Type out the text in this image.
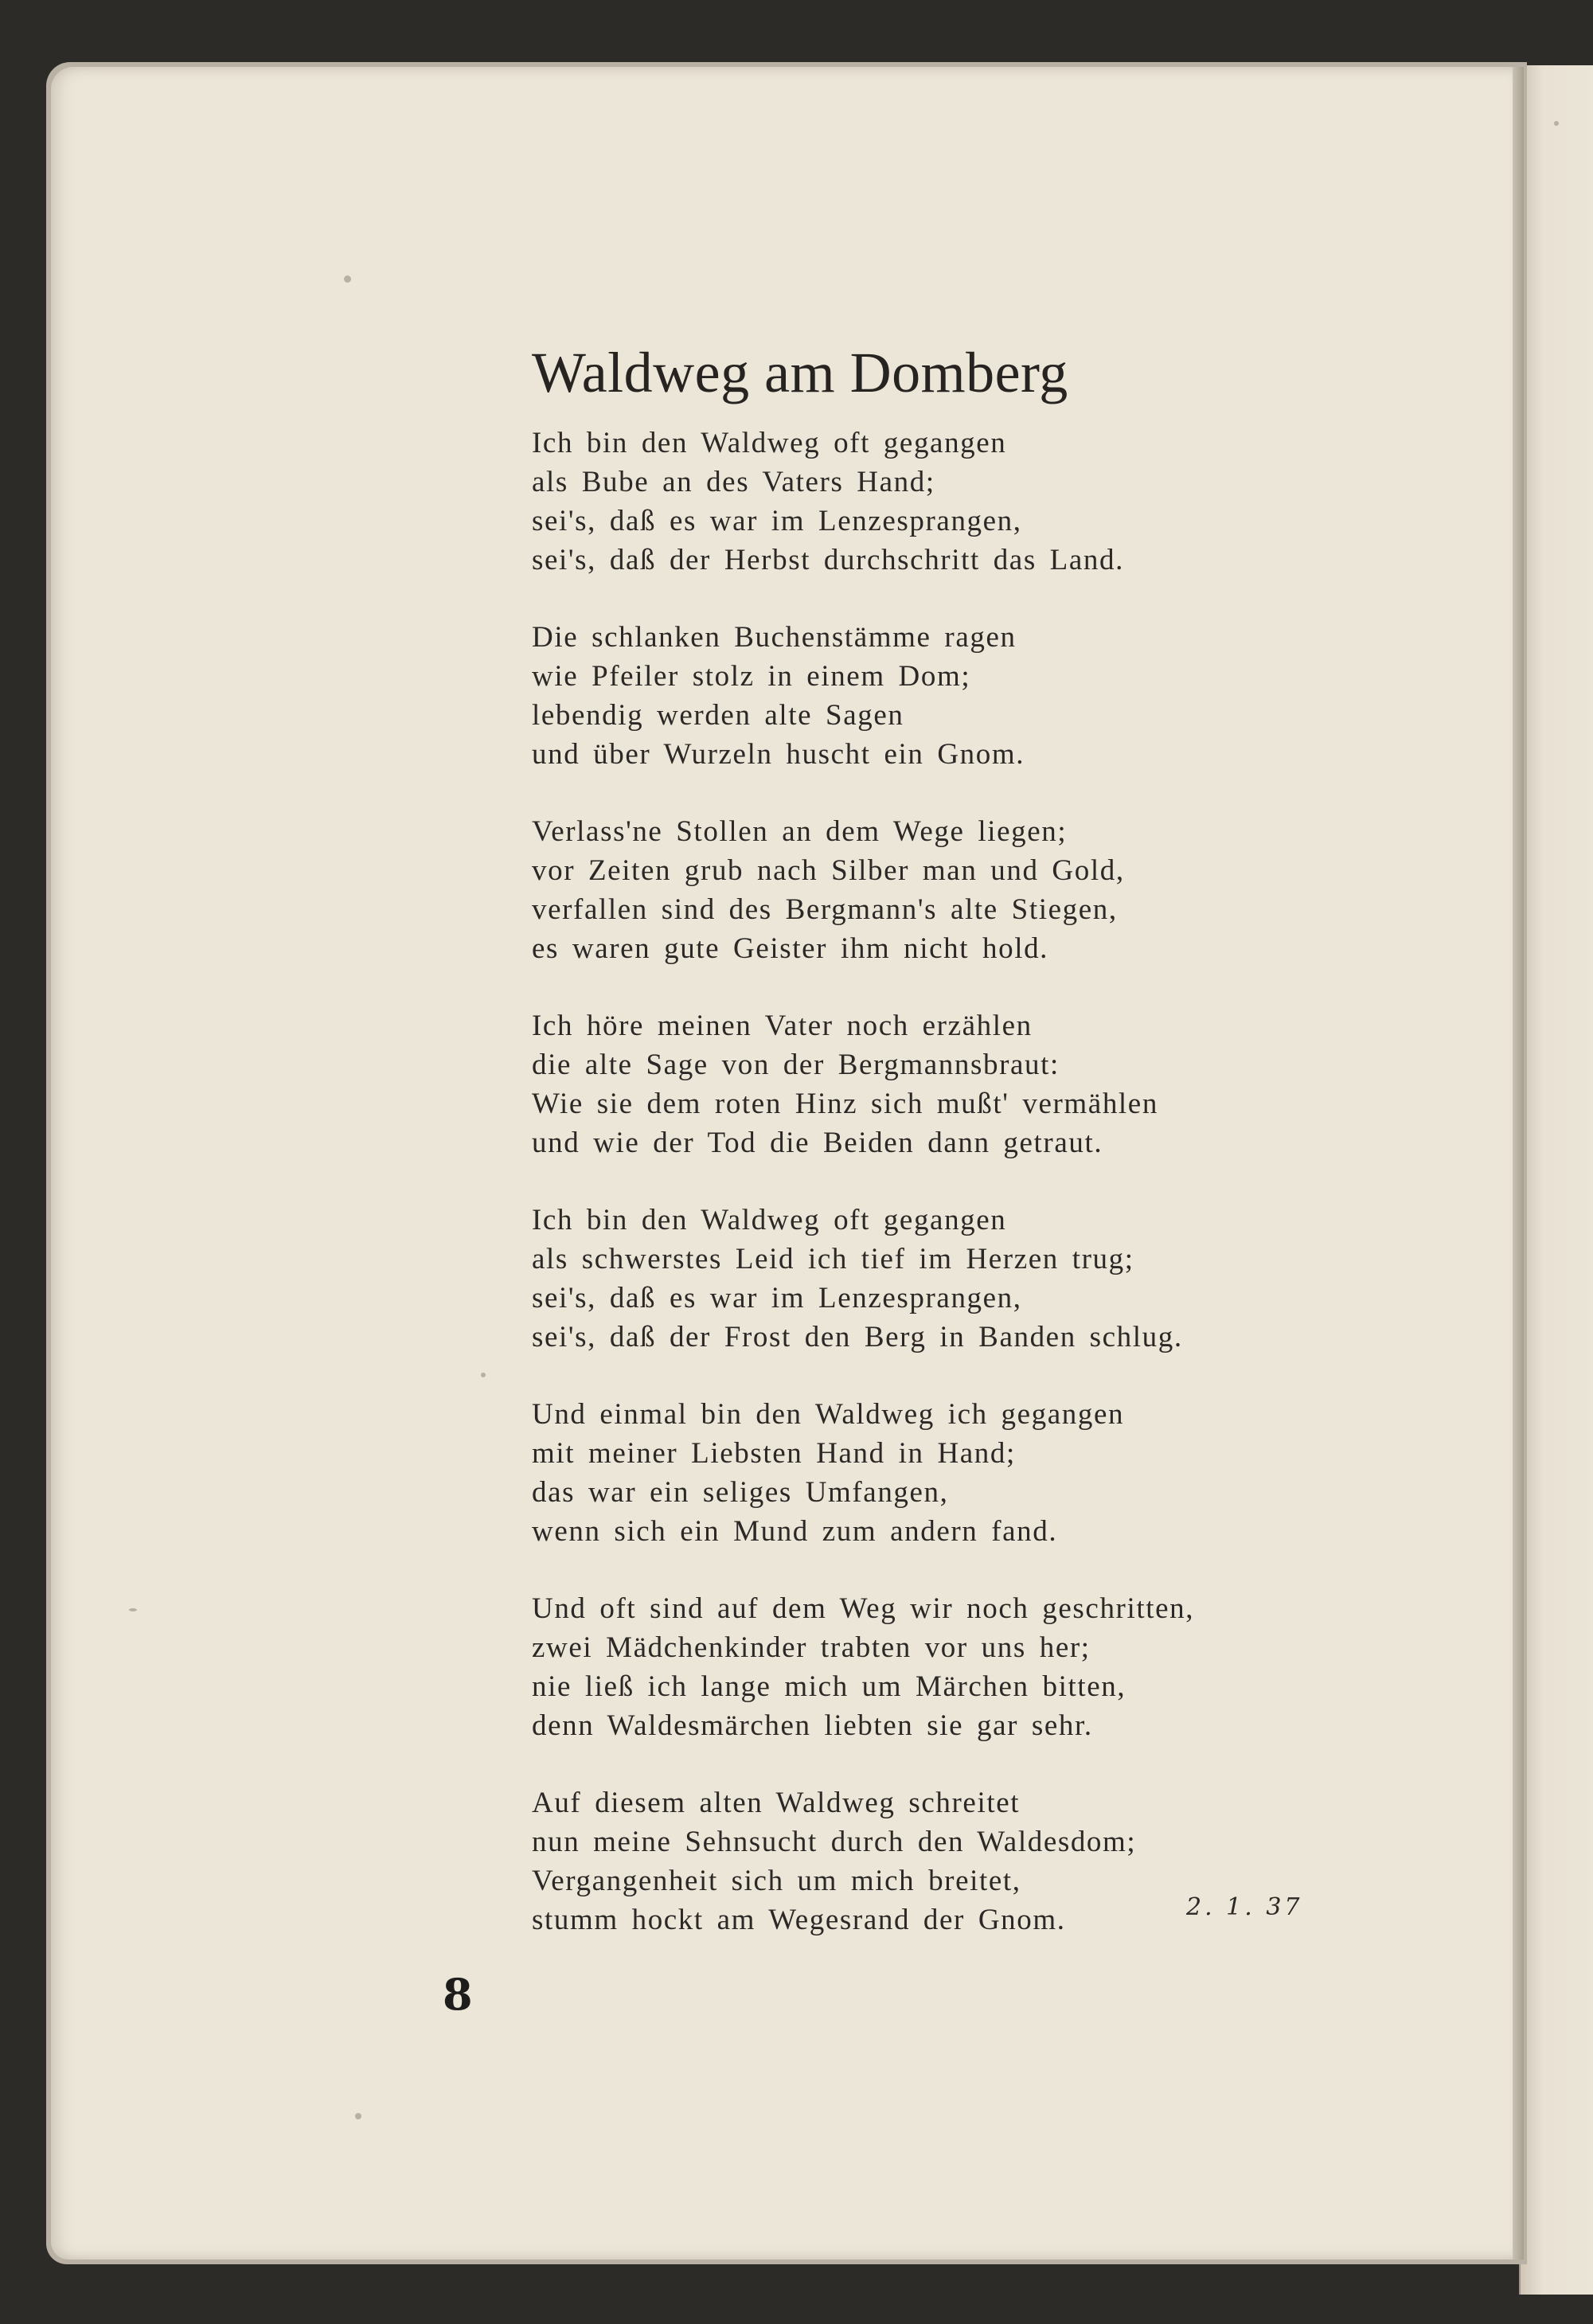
Waldweg am Domberg
Ich bin den Waldweg oft gegangen
als Bube an des Vaters Hand;
sei's, daß es war im Lenzesprangen,
sei's, daß der Herbst durchschritt das Land.
Die schlanken Buchenstämme ragen
wie Pfeiler stolz in einem Dom;
lebendig werden alte Sagen
und über Wurzeln huscht ein Gnom.
Verlass'ne Stollen an dem Wege liegen;
vor Zeiten grub nach Silber man und Gold,
verfallen sind des Bergmann's alte Stiegen,
es waren gute Geister ihm nicht hold.
Ich höre meinen Vater noch erzählen
die alte Sage von der Bergmannsbraut:
Wie sie dem roten Hinz sich mußt' vermählen
und wie der Tod die Beiden dann getraut.
Ich bin den Waldweg oft gegangen
als schwerstes Leid ich tief im Herzen trug;
sei's, daß es war im Lenzesprangen,
sei's, daß der Frost den Berg in Banden schlug.
Und einmal bin den Waldweg ich gegangen
mit meiner Liebsten Hand in Hand;
das war ein seliges Umfangen,
wenn sich ein Mund zum andern fand.
Und oft sind auf dem Weg wir noch geschritten,
zwei Mädchenkinder trabten vor uns her;
nie ließ ich lange mich um Märchen bitten,
denn Waldesmärchen liebten sie gar sehr.
Auf diesem alten Waldweg schreitet
nun meine Sehnsucht durch den Waldesdom;
Vergangenheit sich um mich breitet,
stumm hockt am Wegesrand der Gnom.	2. 1. 37
8
